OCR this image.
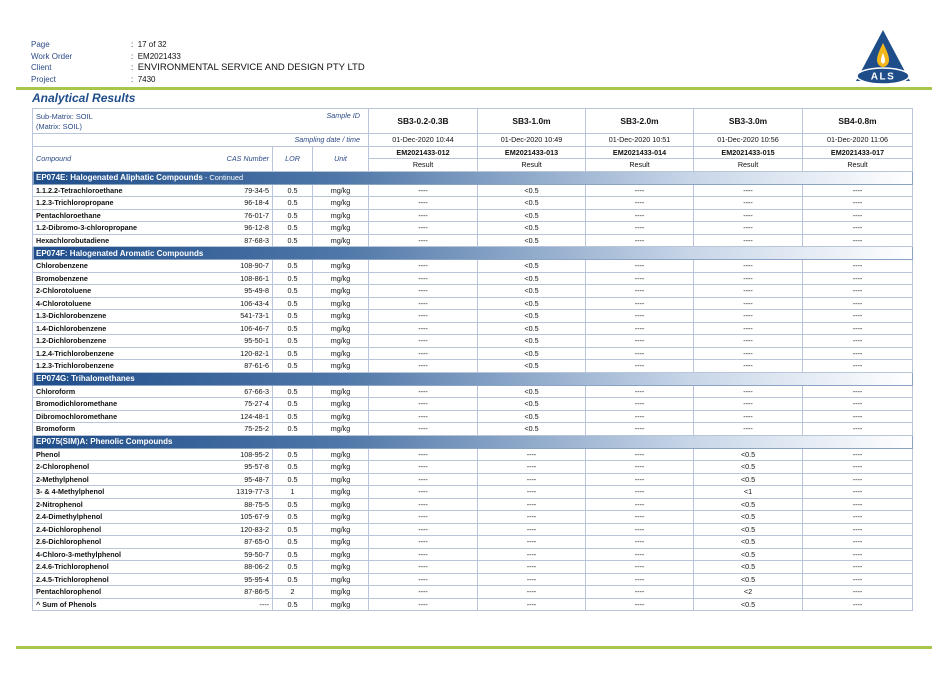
Page	:
17 of 32
Work Order	:
EM2021433
Client	:
ENVIRONMENTAL SERVICE AND DESIGN PTY LTD
Project	:
7430	ALS
Analytical Results
Sub-Matrix: SOIL
(Matrix: SOIL)
Sample ID				SB3-0.2-0.3B	SB3-1.0m	SB3-2.0m	SB3-3.0m	SB4-0.8m

Sampling date / time				01-Dec-2020 10:44	01-Dec-2020 10:49	01-Dec-2020 10:51	01-Dec-2020 10:56	01-Dec-2020 11:06
Compound	CAS Number	LOR	Unit	EM2021433-012	EM2021433-013	EM2021433-014	EM2021433-015	EM2021433-017
				Result	Result	Result	Result	Result
EP074E: Halogenated Aliphatic Compounds - Continued								
1.1.2.2-Tetrachloroethane	79-34-5	0.5	mg/kg	----	<0.5	----	----	----
1.2.3-Trichloropropane	96-18-4	0.5	mg/kg	----	<0.5	----	----	----
Pentachloroethane	76-01-7	0.5	mg/kg	----	<0.5	----	----	----
1.2-Dibromo-3-chloropropane	96-12-8	0.5	mg/kg	----	<0.5	----	----	----
Hexachlorobutadiene	87-68-3	0.5	mg/kg	----	<0.5	----	----	----
EP074F: Halogenated Aromatic Compounds								
Chlorobenzene	108-90-7	0.5	mg/kg	----	<0.5	----	----	----
Bromobenzene	108-86-1	0.5	mg/kg	----	<0.5	----	----	----
2-Chlorotoluene	95-49-8	0.5	mg/kg	----	<0.5	----	----	----
4-Chlorotoluene	106-43-4	0.5	mg/kg	----	<0.5	----	----	----
1.3-Dichlorobenzene	541-73-1	0.5	mg/kg	----	<0.5	----	----	----
1.4-Dichlorobenzene	106-46-7	0.5	mg/kg	----	<0.5	----	----	----
1.2-Dichlorobenzene	95-50-1	0.5	mg/kg	----	<0.5	----	----	----
1.2.4-Trichlorobenzene	120-82-1	0.5	mg/kg	----	<0.5	----	----	----
1.2.3-Trichlorobenzene	87-61-6	0.5	mg/kg	----	<0.5	----	----	----
EP074G: Trihalomethanes								
Chloroform	67-66-3	0.5	mg/kg	----	<0.5	----	----	----
Bromodichloromethane	75-27-4	0.5	mg/kg	----	<0.5	----	----	----
Dibromochloromethane	124-48-1	0.5	mg/kg	----	<0.5	----	----	----
Bromoform	75-25-2	0.5	mg/kg	----	<0.5	----	----	----
EP075(SIM)A: Phenolic Compounds								
Phenol	108-95-2	0.5	mg/kg	----	----	----	<0.5	----
2-Chlorophenol	95-57-8	0.5	mg/kg	----	----	----	<0.5	----
2-Methylphenol	95-48-7	0.5	mg/kg	----	----	----	<0.5	----
3- & 4-Methylphenol	1319-77-3	1	mg/kg	----	----	----	<1	----
2-Nitrophenol	88-75-5	0.5	mg/kg	----	----	----	<0.5	----
2.4-Dimethylphenol	105-67-9	0.5	mg/kg	----	----	----	<0.5	----
2.4-Dichlorophenol	120-83-2	0.5	mg/kg	----	----	----	<0.5	----
2.6-Dichlorophenol	87-65-0	0.5	mg/kg	----	----	----	<0.5	----
4-Chloro-3-methylphenol	59-50-7	0.5	mg/kg	----	----	----	<0.5	----
2.4.6-Trichlorophenol	88-06-2	0.5	mg/kg	----	----	----	<0.5	----
2.4.5-Trichlorophenol	95-95-4	0.5	mg/kg	----	----	----	<0.5	----
Pentachlorophenol	87-86-5	2	mg/kg	----	----	----	<2	----
^ Sum of Phenols	----	0.5	mg/kg	----	----	----	<0.5	----
